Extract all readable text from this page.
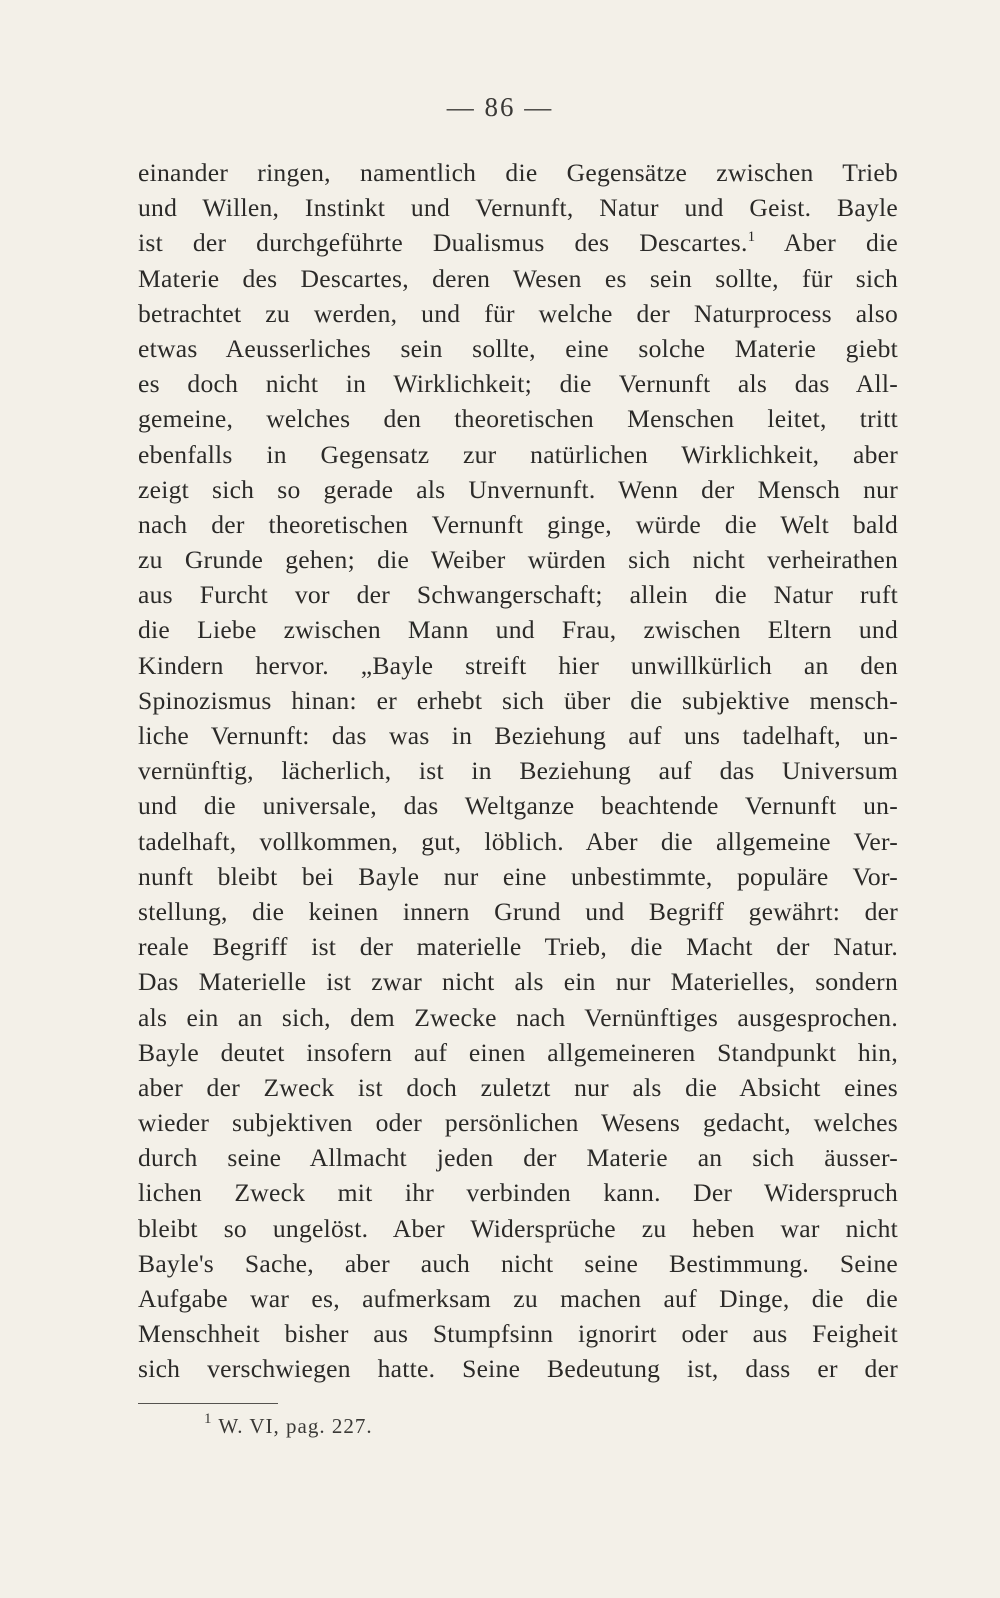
— 86 —
einander ringen, namentlich die Gegensätze zwischen Trieb
und Willen, Instinkt und Vernunft, Natur und Geist. Bayle
ist der durchgeführte Dualismus des Descartes.$^1$ Aber die
Materie des Descartes, deren Wesen es sein sollte, für sich
betrachtet zu werden, und für welche der Naturprocess also
etwas Aeusserliches sein sollte, eine solche Materie giebt
es doch nicht in Wirklichkeit; die Vernunft als das All-
gemeine, welches den theoretischen Menschen leitet, tritt
ebenfalls in Gegensatz zur natürlichen Wirklichkeit, aber
zeigt sich so gerade als Unvernunft. Wenn der Mensch nur
nach der theoretischen Vernunft ginge, würde die Welt bald
zu Grunde gehen; die Weiber würden sich nicht verheirathen
aus Furcht vor der Schwangerschaft; allein die Natur ruft
die Liebe zwischen Mann und Frau, zwischen Eltern und
Kindern hervor. „Bayle streift hier unwillkürlich an den
Spinozismus hinan: er erhebt sich über die subjektive mensch-
liche Vernunft: das was in Beziehung auf uns tadelhaft, un-
vernünftig, lächerlich, ist in Beziehung auf das Universum
und die universale, das Weltganze beachtende Vernunft un-
tadelhaft, vollkommen, gut, löblich. Aber die allgemeine Ver-
nunft bleibt bei Bayle nur eine unbestimmte, populäre Vor-
stellung, die keinen innern Grund und Begriff gewährt: der
reale Begriff ist der materielle Trieb, die Macht der Natur.
Das Materielle ist zwar nicht als ein nur Materielles, sondern
als ein an sich, dem Zwecke nach Vernünftiges ausgesprochen.
Bayle deutet insofern auf einen allgemeineren Standpunkt hin,
aber der Zweck ist doch zuletzt nur als die Absicht eines
wieder subjektiven oder persönlichen Wesens gedacht, welches
durch seine Allmacht jeden der Materie an sich äusser-
lichen Zweck mit ihr verbinden kann. Der Widerspruch
bleibt so ungelöst. Aber Widersprüche zu heben war nicht
Bayle's Sache, aber auch nicht seine Bestimmung. Seine
Aufgabe war es, aufmerksam zu machen auf Dinge, die die
Menschheit bisher aus Stumpfsinn ignorirt oder aus Feigheit
sich verschwiegen hatte. Seine Bedeutung ist, dass er der
$^1$ W. VI, pag. 227.
